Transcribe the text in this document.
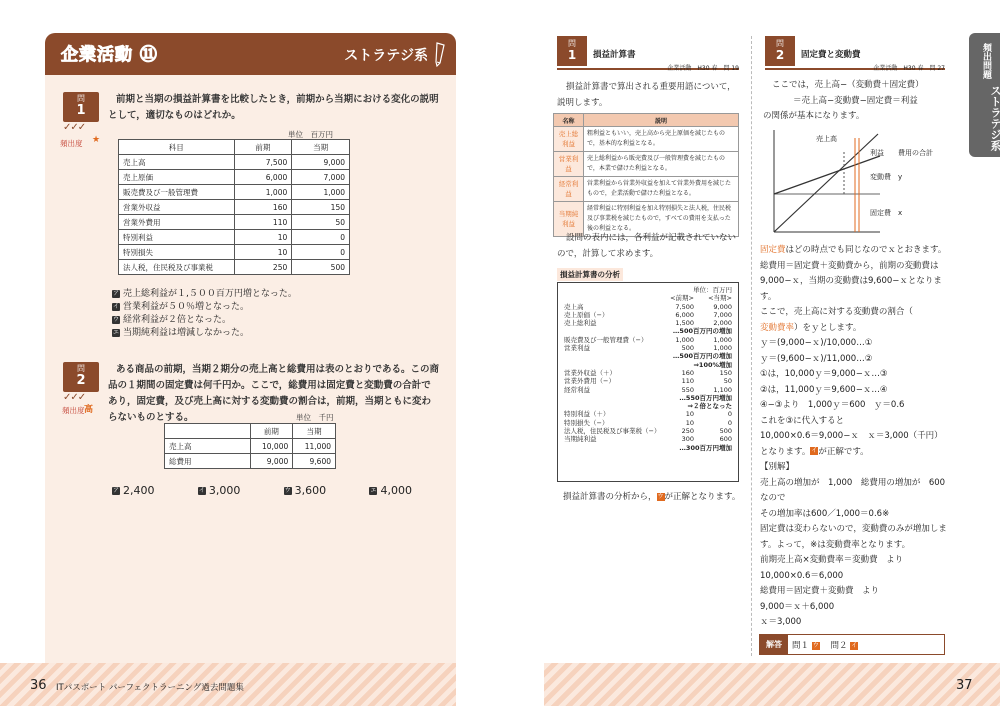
企業活動 ⑪	ストラテジ系
問
1
✓✓✓
頻出度 ★
前期と当期の損益計算書を比較したとき，前期から当期における変化の説明として，適切なものはどれか。
単位　百万円
科目	前期	当期
売上高	7,500	9,000
売上原価	6,000	7,000
販売費及び一般管理費	1,000	1,000
営業外収益	160	150
営業外費用	110	50
特別利益	10	0
特別損失	10	0
法人税，住民税及び事業税	250	500
ア 売上総利益が１,５００百万円増となった。
イ 営業利益が５０％増となった。
ウ 経常利益が２倍となった。
エ 当期純利益は増減しなかった。
問
2
✓✓✓
頻出度 高
ある商品の前期，当期２期分の売上高と総費用は表のとおりである。この商品の１期間の固定費は何千円か。ここで，総費用は固定費と変動費の合計であり，固定費，及び売上高に対する変動費の割合は，前期，当期ともに変わらないものとする。	単位　千円
	前期	当期
売上高	10,000	11,000
総費用	9,000	9,600
ア 2,400	イ 3,000	ウ 3,600	エ 4,000
問
1	損益計算書
企業活動　H30 春　問 19
損益計算書で算出される重要用語について，説明します。
名称	説明
売上総利益	粗利益ともいい，売上高から売上原価を減じたもので，基本的な利益となる。
営業利益	売上総利益から販売費及び一般管理費を減じたもので，本業で儲けた利益となる。
経常利益	営業利益から営業外収益を加えて営業外費用を減じたもので，企業活動で儲けた利益となる。
当期純利益	経常利益に特別利益を加え特別損失と法人税，住民税及び事業税を減じたもので，すべての費用を支払った後の利益となる。
設問の表内には，各利益が記載されていないので，計算して求めます。
損益計算書の分析
単位：百万円
<前期>	<当期>
売上高	7,500	9,000
売上原価（−）	6,000	7,000
売上総利益	1,500	2,000
…500百万円の増加
販売費及び一般管理費（−）	1,000	1,000
営業利益	500	1,000
…500百万円の増加
⇒100%増加
営業外収益（＋）	160	150
営業外費用（−）	110	50
経常利益	550	1,100
…550百万円増加
⇒２倍となった
特別利益（＋）	10	0
特別損失（−）	10	0
法人税，住民税及び事業税（−）	250	500
当期純利益	300	600
…300百万円増加
損益計算書の分析から，ウが正解となります。
問
2	固定費と変動費
企業活動　H30 春　問 27
ここでは，売上高−（変動費＋固定費）
＝売上高−変動費−固定費＝利益
の関係が基本になります。
売上高
利益 費用の合計
変動費　y
固定費　x
固定費はどの時点でも同じなのでｘとおきます。
総費用＝固定費＋変動費から，前期の変動費は
9,000−ｘ，当期の変動費は9,600−ｘとなります。
ここで，売上高に対する変動費の割合（
変動費率）をｙとします。
ｙ＝(9,000−ｘ)/10,000…①
ｙ＝(9,600−ｘ)/11,000…②
①は，10,000ｙ＝9,000−ｘ…③
②は，11,000ｙ＝9,600−ｘ…④
④−③より　1,000ｙ＝600　ｙ＝0.6
これを③に代入すると
10,000×0.6＝9,000−ｘ　ｘ＝3,000（千円）
となります。イが正解です。
【別解】
売上高の増加が　1,000　総費用の増加が　600
なので
その増加率は600／1,000＝0.6※
固定費は変わらないので，変動費のみが増加しま
す。よって，※は変動費率となります。
前期売上高×変動費率＝変動費　より
10,000×0.6＝6,000
総費用＝固定費＋変動費　より
9,000＝ｘ＋6,000
ｘ＝3,000
解答	問１ ウ 問２ イ
頻出問題
ストラテジ系
36 ITパスポート パーフェクトラーニング過去問題集	37
